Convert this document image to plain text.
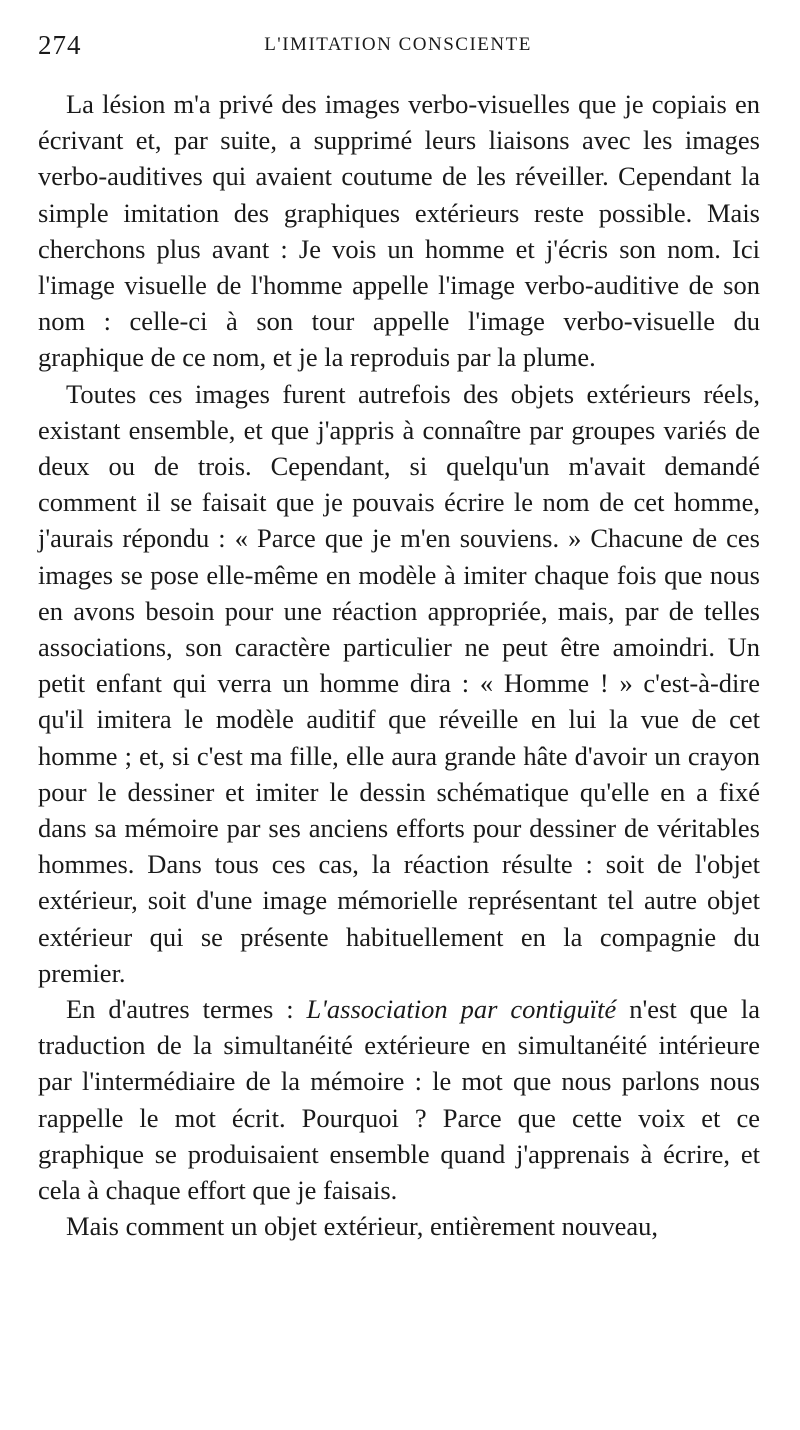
274	L'IMITATION CONSCIENTE

La lésion m'a privé des images verbo-visuelles que je copiais en écrivant et, par suite, a supprimé leurs liaisons avec les images verbo-auditives qui avaient coutume de les réveiller. Cependant la simple imitation des graphiques extérieurs reste possible. Mais cherchons plus avant : Je vois un homme et j'écris son nom. Ici l'image visuelle de l'homme appelle l'image verbo-auditive de son nom : celle-ci à son tour appelle l'image verbo-visuelle du graphique de ce nom, et je la reproduis par la plume.

Toutes ces images furent autrefois des objets extérieurs réels, existant ensemble, et que j'appris à connaître par groupes variés de deux ou de trois. Cependant, si quelqu'un m'avait demandé comment il se faisait que je pouvais écrire le nom de cet homme, j'aurais répondu : « Parce que je m'en souviens. » Chacune de ces images se pose elle-même en modèle à imiter chaque fois que nous en avons besoin pour une réaction appropriée, mais, par de telles associations, son caractère particulier ne peut être amoindri. Un petit enfant qui verra un homme dira : « Homme ! » c'est-à-dire qu'il imitera le modèle auditif que réveille en lui la vue de cet homme ; et, si c'est ma fille, elle aura grande hâte d'avoir un crayon pour le dessiner et imiter le dessin schématique qu'elle en a fixé dans sa mémoire par ses anciens efforts pour dessiner de véritables hommes. Dans tous ces cas, la réaction résulte : soit de l'objet extérieur, soit d'une image mémorielle représentant tel autre objet extérieur qui se présente habituellement en la compagnie du premier.

En d'autres termes : L'association par contiguïté n'est que la traduction de la simultanéité extérieure en simultanéité intérieure par l'intermédiaire de la mémoire : le mot que nous parlons nous rappelle le mot écrit. Pourquoi ? Parce que cette voix et ce graphique se produisaient ensemble quand j'apprenais à écrire, et cela à chaque effort que je faisais.

Mais comment un objet extérieur, entièrement nouveau,
